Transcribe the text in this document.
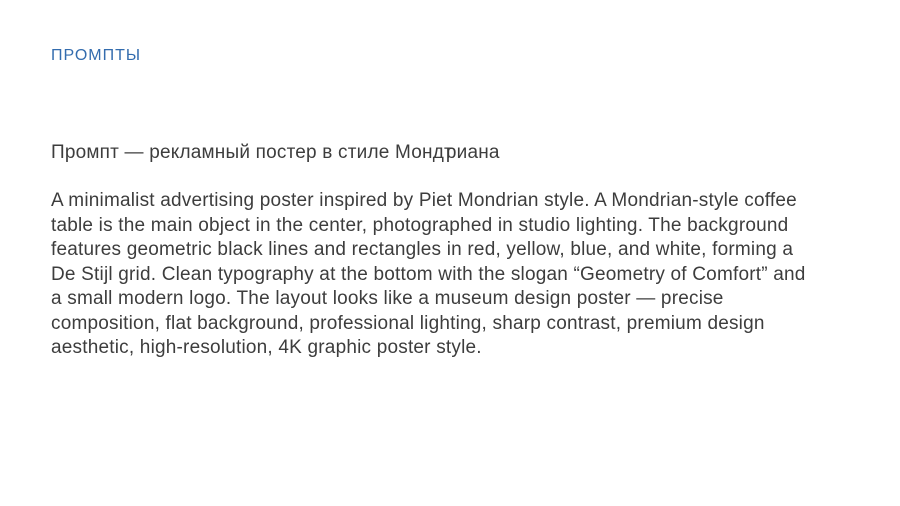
ПРОМПТЫ
Промпт — рекламный постер в стиле Мондтриана
A minimalist advertising poster inspired by Piet Mondrian style. A Mondrian-style coffee
table is the main object in the center, photographed in studio lighting. The background
features geometric black lines and rectangles in red, yellow, blue, and white, forming a
De Stijl grid. Clean typography at the bottom with the slogan “Geometry of Comfort” and
a small modern logo. The layout looks like a museum design poster — precise
composition, flat background, professional lighting, sharp contrast, premium design
aesthetic, high-resolution, 4K graphic poster style.
